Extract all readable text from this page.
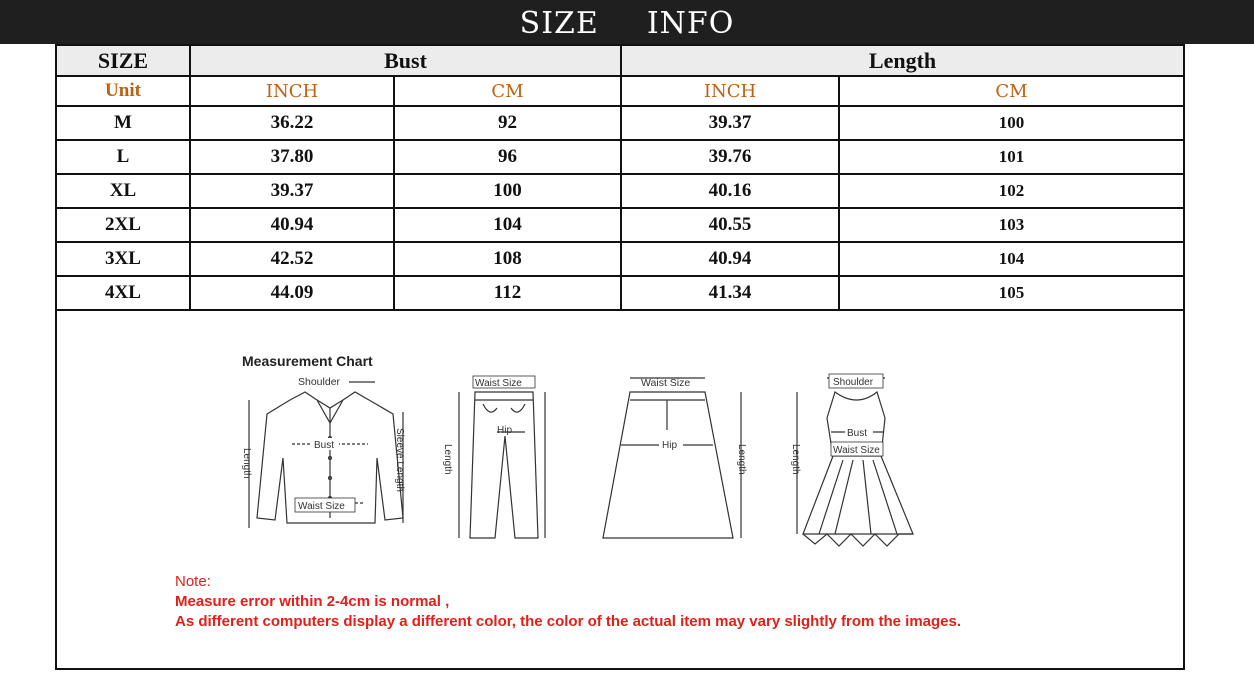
SIZE INFO
SIZE	Bust		Length	
Unit	INCH	CM	INCH	CM
M	36.22	92	39.37	100
L	37.80	96	39.76	101
XL	39.37	100	40.16	102
2XL	40.94	104	40.55	103
3XL	42.52	108	40.94	104
4XL	44.09	112	41.34	105
Measurement Chart
Shoulder
Bust
Waist Size
Length	Sleeve Length
Waist Size
Hip
Length
Waist Size
Hip	Length
Shoulder
Bust
Waist Size
Length
Note:
Measure error within 2-4cm is normal ,
As different computers display a different color, the color of the actual item may vary slightly from the images.
